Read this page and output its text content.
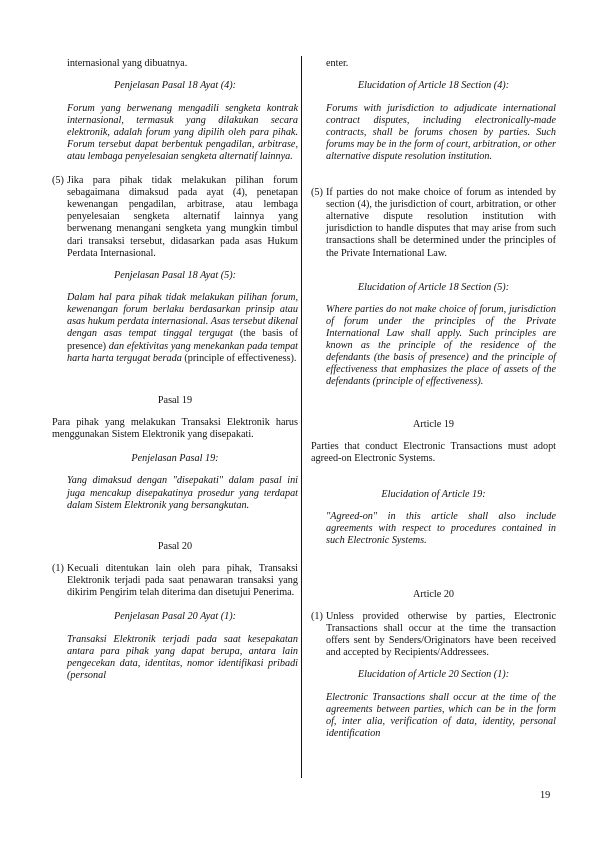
internasional yang dibuatnya.

Penjelasan Pasal 18 Ayat (4):

Forum yang berwenang mengadili sengketa kontrak internasional, termasuk yang dilakukan secara elektronik, adalah forum yang dipilih oleh para pihak. Forum tersebut dapat berbentuk pengadilan, arbitrase, atau lembaga penyelesaian sengketa alternatif lainnya.

(5) Jika para pihak tidak melakukan pilihan forum sebagaimana dimaksud pada ayat (4), penetapan kewenangan pengadilan, arbitrase, atau lembaga penyelesaian sengketa alternatif lainnya yang berwenang menangani sengketa yang mungkin timbul dari transaksi tersebut, didasarkan pada asas Hukum Perdata Internasional.

Penjelasan Pasal 18 Ayat (5):

Dalam hal para pihak tidak melakukan pilihan forum, kewenangan forum berlaku berdasarkan prinsip atau asas hukum perdata internasional. Asas tersebut dikenal dengan asas tempat tinggal tergugat (the basis of presence) dan efektivitas yang menekankan pada tempat harta harta tergugat berada (principle of effectiveness).

Pasal 19

Para pihak yang melakukan Transaksi Elektronik harus menggunakan Sistem Elektronik yang disepakati.

Penjelasan Pasal 19:

Yang dimaksud dengan "disepakati" dalam pasal ini juga mencakup disepakatinya prosedur yang terdapat dalam Sistem Elektronik yang bersangkutan.

Pasal 20

(1) Kecuali ditentukan lain oleh para pihak, Transaksi Elektronik terjadi pada saat penawaran transaksi yang dikirim Pengirim telah diterima dan disetujui Penerima.

Penjelasan Pasal 20 Ayat (1):

Transaksi Elektronik terjadi pada saat kesepakatan antara para pihak yang dapat berupa, antara lain pengecekan data, identitas, nomor identifikasi pribadi (personal

enter.

Elucidation of Article 18 Section (4):

Forums with jurisdiction to adjudicate international contract disputes, including electronically-made contracts, shall be forums chosen by parties. Such forums may be in the form of court, arbitration, or other alternative dispute resolution institution.

(5) If parties do not make choice of forum as intended by section (4), the jurisdiction of court, arbitration, or other alternative dispute resolution institution with jurisdiction to handle disputes that may arise from such transactions shall be determined under the principles of the Private International Law.

Elucidation of Article 18 Section (5):

Where parties do not make choice of forum, jurisdiction of forum under the principles of the Private International Law shall apply. Such principles are known as the principle of the residence of the defendants (the basis of presence) and the principle of effectiveness that emphasizes the place of assets of the defendants (principle of effectiveness).

Article 19

Parties that conduct Electronic Transactions must adopt agreed-on Electronic Systems.

Elucidation of Article 19:

"Agreed-on" in this article shall also include agreements with respect to procedures contained in such Electronic Systems.

Article 20

(1) Unless provided otherwise by parties, Electronic Transactions shall occur at the time the transaction offers sent by Senders/Originators have been received and accepted by Recipients/Addressees.

Elucidation of Article 20 Section (1):

Electronic Transactions shall occur at the time of the agreements between parties, which can be in the form of, inter alia, verification of data, identity, personal identification

19
